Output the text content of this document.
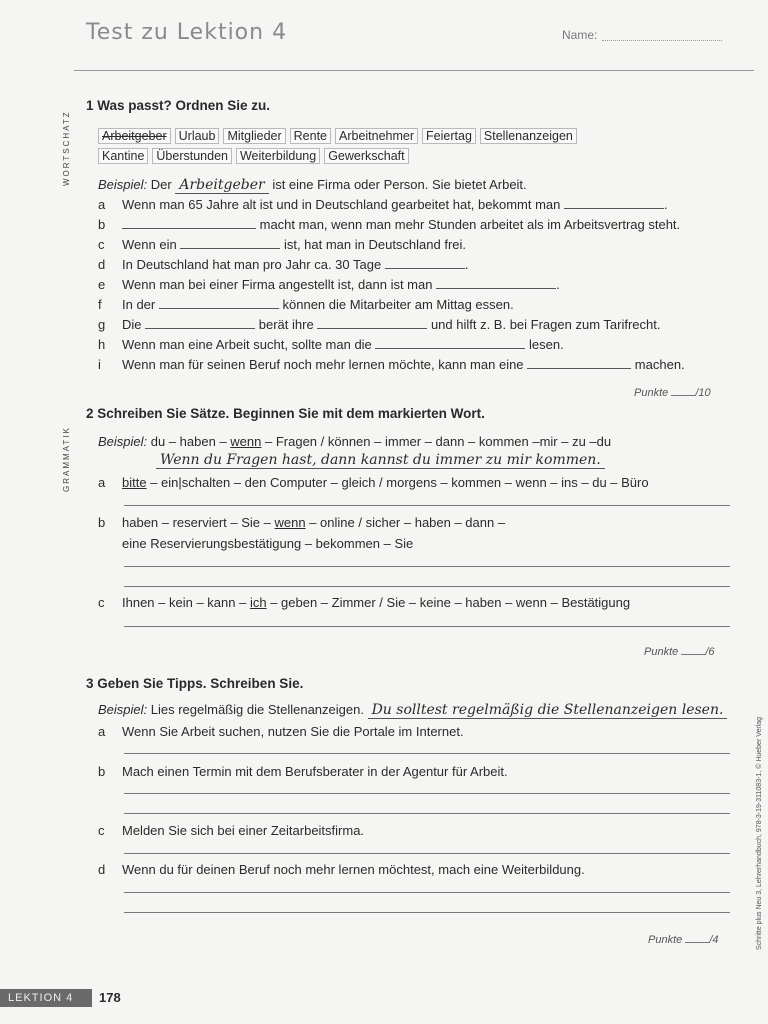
Test zu Lektion 4	Name:
WORTSCHATZ
1 Was passt? Ordnen Sie zu.
Arbeitgeber Urlaub Mitglieder Rente Arbeitnehmer Feiertag Stellenanzeigen
Kantine Überstunden Weiterbildung Gewerkschaft
Beispiel: Der Arbeitgeber ist eine Firma oder Person. Sie bietet Arbeit.
a Wenn man 65 Jahre alt ist und in Deutschland gearbeitet hat, bekommt man	.
b	macht man, wenn man mehr Stunden arbeitet als im Arbeitsvertrag steht.
c Wenn ein	ist, hat man in Deutschland frei.
d In Deutschland hat man pro Jahr ca. 30 Tage	.
e Wenn man bei einer Firma angestellt ist, dann ist man	.
f In der	können die Mitarbeiter am Mittag essen.
g Die	berät ihre	und hilft z. B. bei Fragen zum Tarifrecht.
h Wenn man eine Arbeit sucht, sollte man die	lesen.
i Wenn man für seinen Beruf noch mehr lernen möchte, kann man eine	machen.
Punkte /10
GRAMMATIK
2 Schreiben Sie Sätze. Beginnen Sie mit dem markierten Wort.
Beispiel: du – haben – wenn – Fragen / können – immer – dann – kommen –mir – zu –du
Wenn du Fragen hast, dann kannst du immer zu mir kommen.
a bitte – ein|schalten – den Computer – gleich / morgens – kommen – wenn – ins – du – Büro
b haben – reserviert – Sie – wenn – online / sicher – haben – dann –
eine Reservierungsbestätigung – bekommen – Sie
c Ihnen – kein – kann – ich – geben – Zimmer / Sie – keine – haben – wenn – Bestätigung
Punkte /6
3 Geben Sie Tipps. Schreiben Sie.
Beispiel: Lies regelmäßig die Stellenanzeigen. Du solltest regelmäßig die Stellenanzeigen lesen.
a Wenn Sie Arbeit suchen, nutzen Sie die Portale im Internet.
b Mach einen Termin mit dem Berufsberater in der Agentur für Arbeit.
c Melden Sie sich bei einer Zeitarbeitsfirma.
d Wenn du für deinen Beruf noch mehr lernen möchtest, mach eine Weiterbildung.
Punkte /4
LEKTION 4	178
Schritte plus Neu 3, Lehrerhandbuch, 978-3-19-311083-1, © Hueber Verlag
